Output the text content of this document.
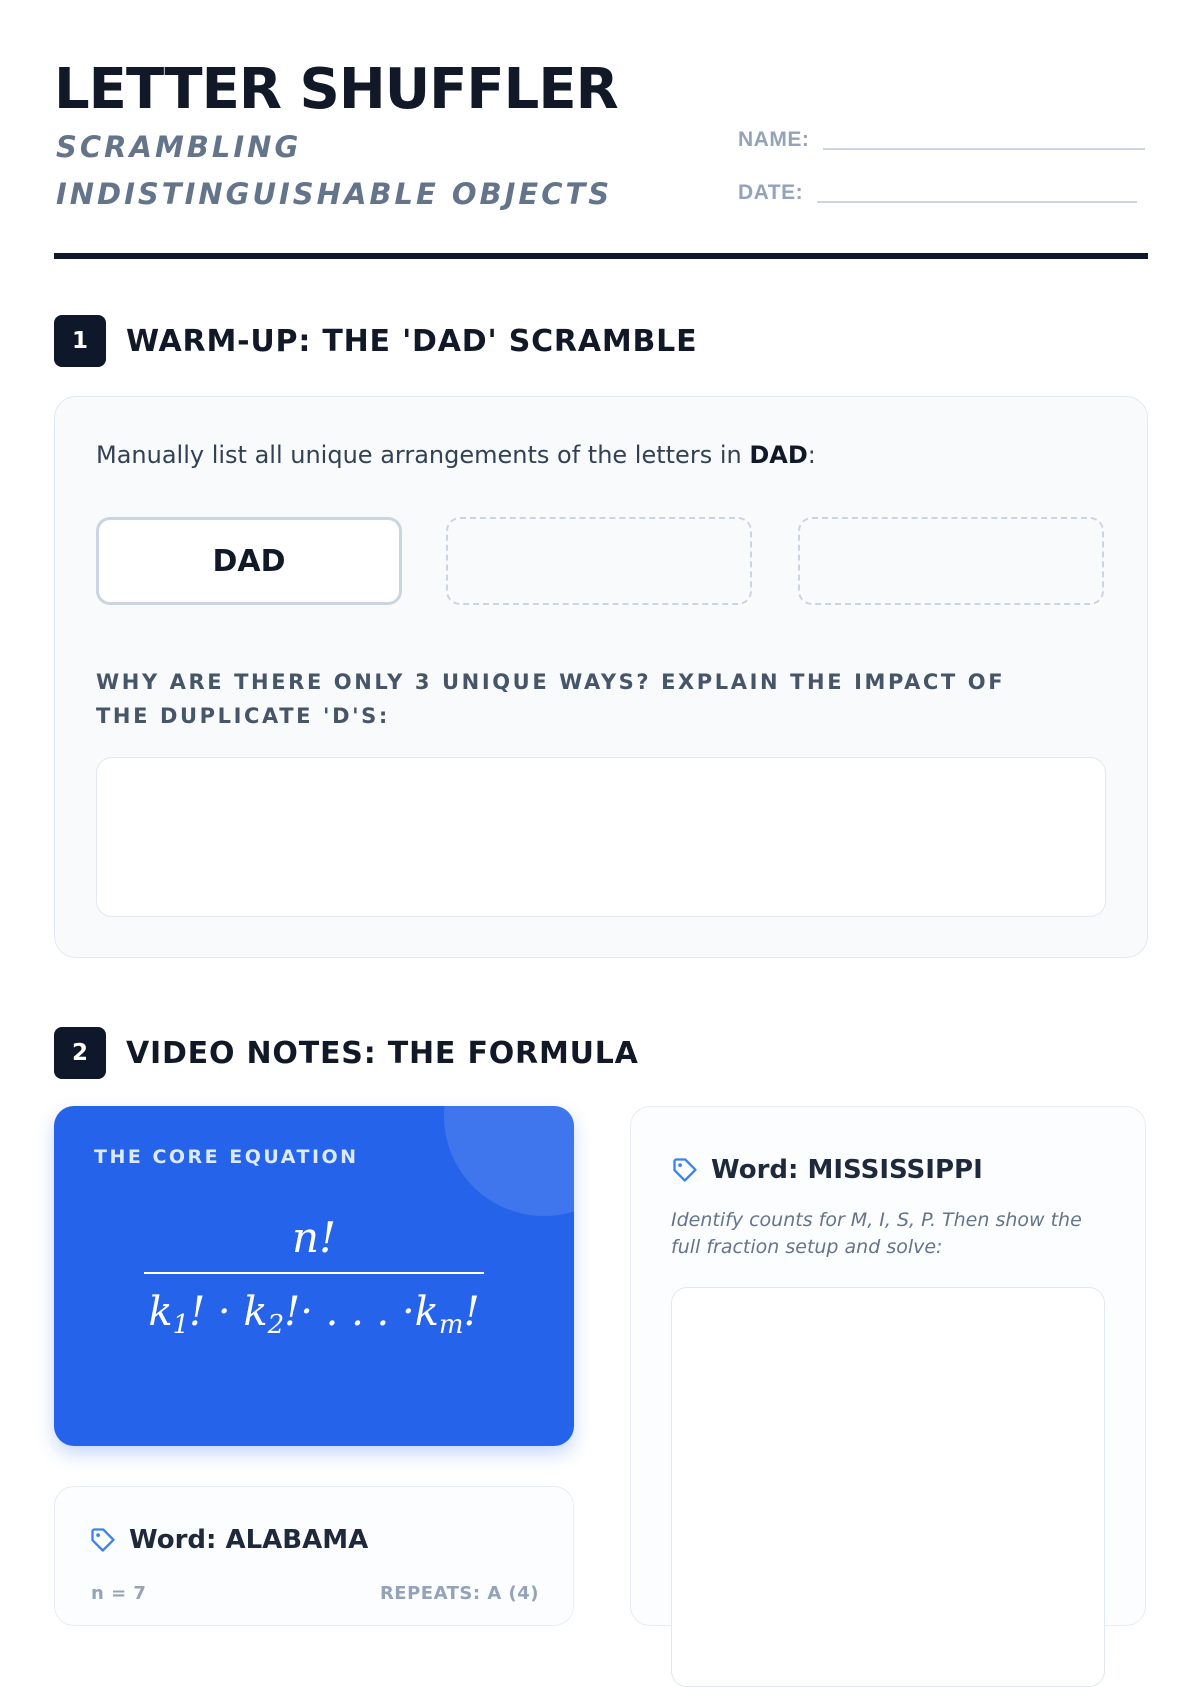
LETTER SHUFFLER
SCRAMBLING INDISTINGUISHABLE OBJECTS
NAME:
DATE:
1	WARM-UP: THE 'DAD' SCRAMBLE
Manually list all unique arrangements of the letters in DAD:
DAD
WHY ARE THERE ONLY 3 UNIQUE WAYS? EXPLAIN THE IMPACT OF THE DUPLICATE 'D'S:
2	VIDEO NOTES: THE FORMULA
THE CORE EQUATION
n!
$k_1$! · $k_2!\cdot$ . . . $\cdot k_m$!
Word: MISSISSIPPI
Identify counts for M, I, S, P. Then show the full fraction setup and solve:
Word: ALABAMA
n = 7	REPEATS: A (4)
